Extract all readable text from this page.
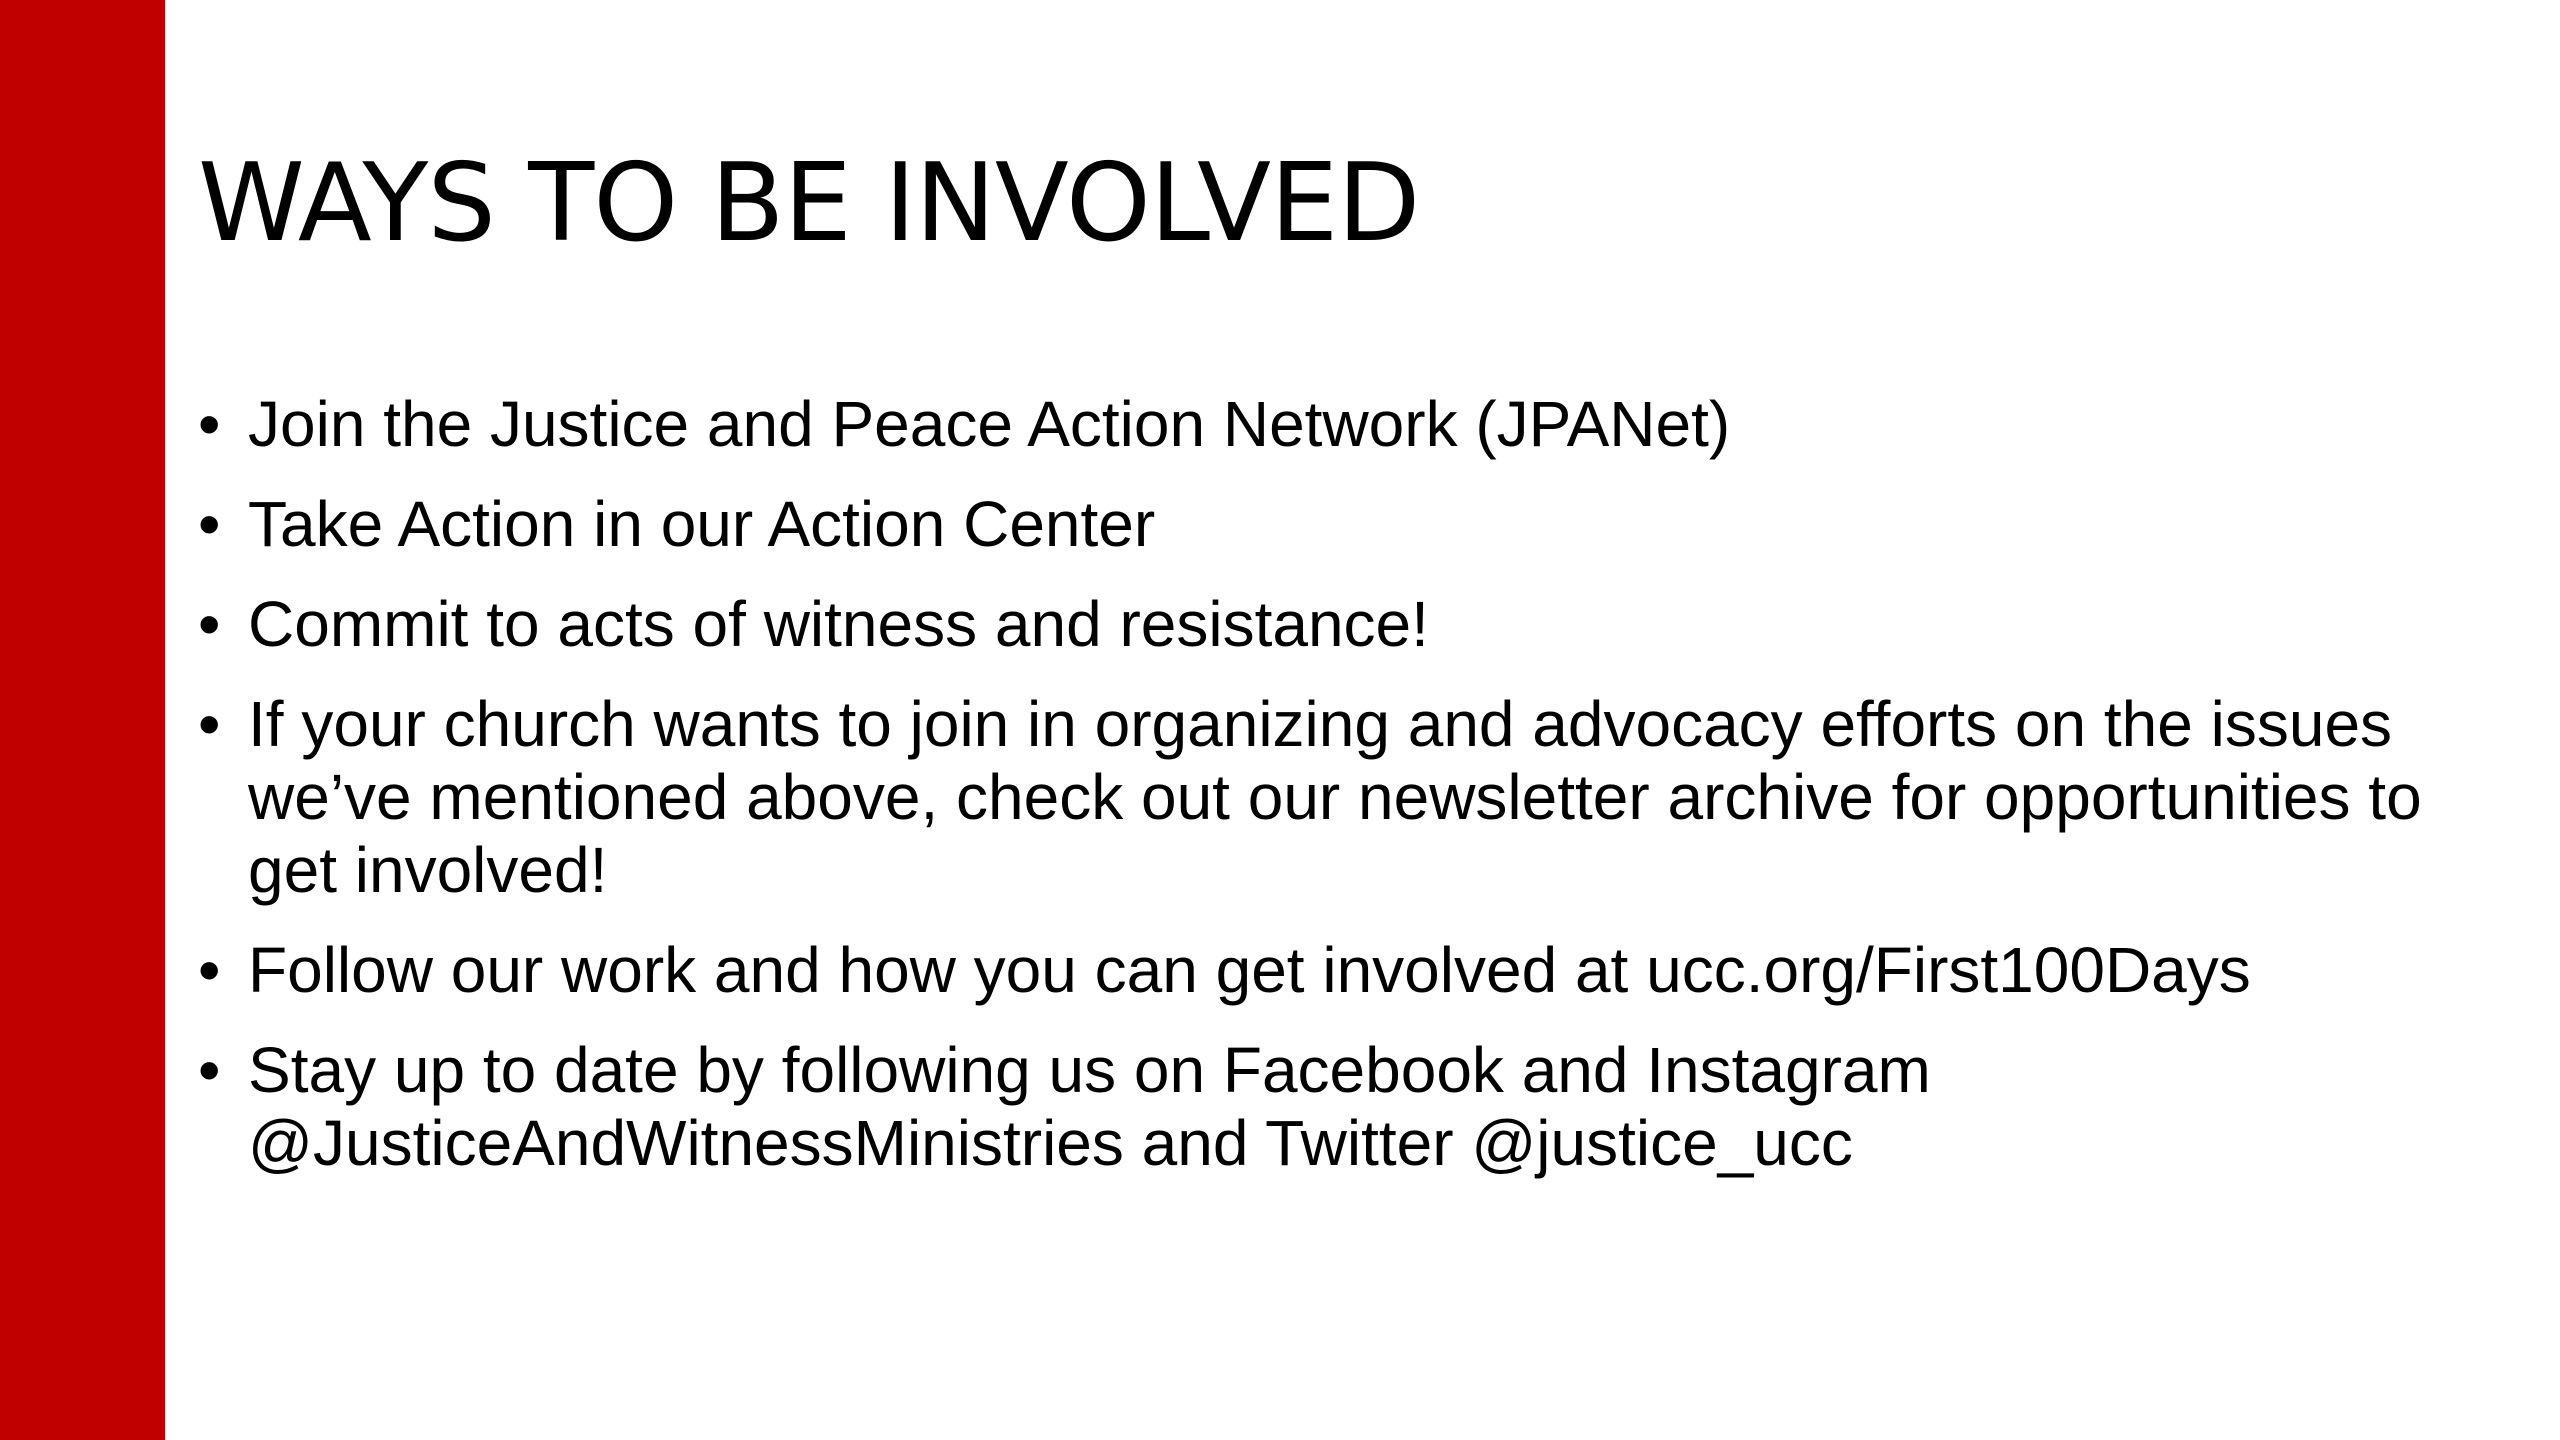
WAYS TO BE INVOLVED
• Join the Justice and Peace Action Network (JPANet)
• Take Action in our Action Center
• Commit to acts of witness and resistance!
• If your church wants to join in organizing and advocacy efforts on the issues we’ve mentioned above, check out our newsletter archive for opportunities to get involved!
• Follow our work and how you can get involved at ucc.org/First100Days
• Stay up to date by following us on Facebook and Instagram @JusticeAndWitnessMinistries and Twitter @justice_ucc
